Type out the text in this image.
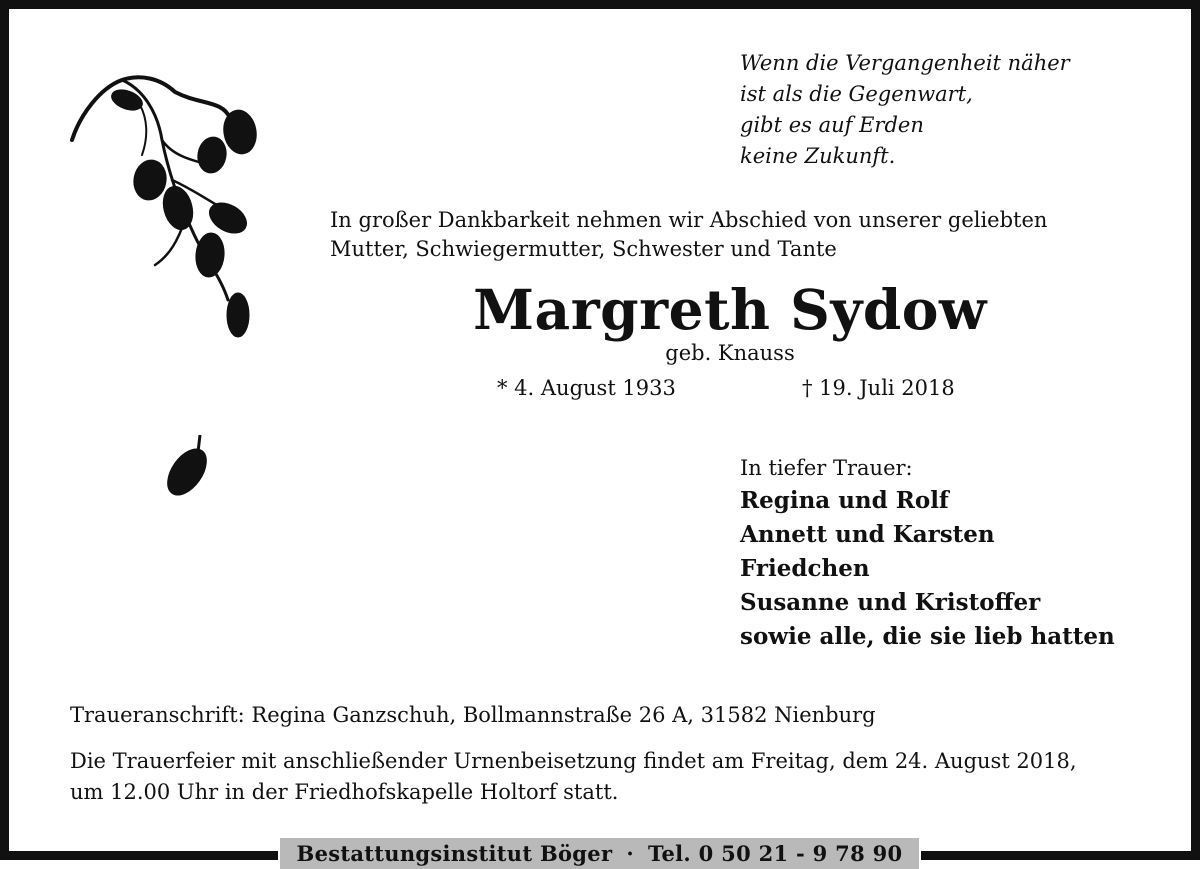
Wenn die Vergangenheit näher
ist als die Gegenwart,
gibt es auf Erden
keine Zukunft.
In großer Dankbarkeit nehmen wir Abschied von unserer geliebten
Mutter, Schwiegermutter, Schwester und Tante
Margreth Sydow
geb. Knauss
* 4. August 1933	† 19. Juli 2018
In tiefer Trauer:
Regina und Rolf
Annett und Karsten
Friedchen
Susanne und Kristoffer
sowie alle, die sie lieb hatten
Traueranschrift: Regina Ganzschuh, Bollmannstraße 26 A, 31582 Nienburg
Die Trauerfeier mit anschließender Urnenbeisetzung findet am Freitag, dem 24. August 2018,
um 12.00 Uhr in der Friedhofskapelle Holtorf statt.
Bestattungsinstitut Böger · Tel. 0 50 21 - 9 78 90
